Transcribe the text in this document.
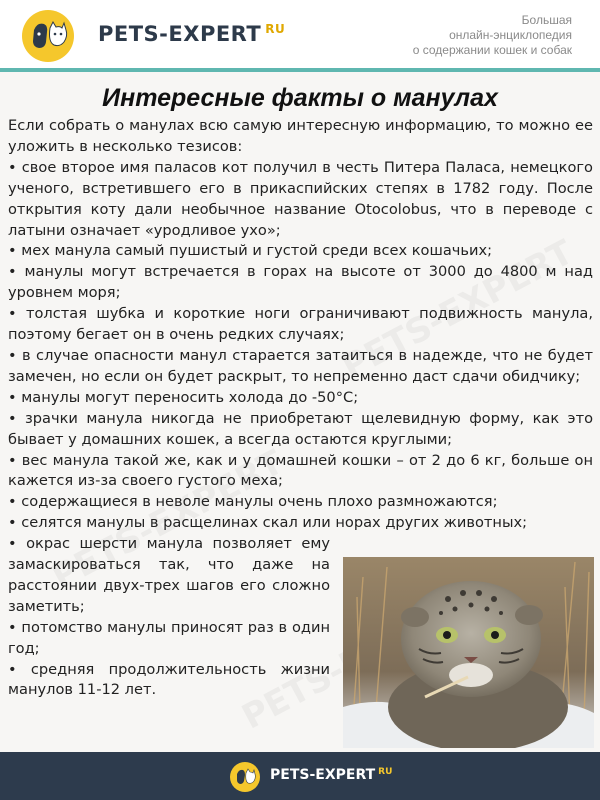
PETS-EXPERT $^{RU}$
Большая
онлайн-энциклопедия
о содержании кошек и собак
Интересные факты о манулах

Если собрать о манулах всю самую интересную информацию, то можно ее уложить в несколько тезисов:

• свое второе имя паласов кот получил в честь Питера Паласа, немецкого ученого, встретившего его в прикаспийских степях в 1782 году. После открытия коту дали необычное название Otocolobus, что в переводе с латыни означает «уродливое ухо»;

• мех манула самый пушистый и густой среди всех кошачьих;

• манулы могут встречается в горах на высоте от 3000 до 4800 м над уровнем моря;

• толстая шубка и короткие ноги ограничивают подвижность манула, поэтому бегает он в очень редких случаях;

• в случае опасности манул старается затаиться в надежде, что не будет замечен, но если он будет раскрыт, то непременно даст сдачи обидчику;

• манулы могут переносить холода до -50°С;

• зрачки манула никогда не приобретают щелевидную форму, как это бывает у домашних кошек, а всегда остаются круглыми;

• вес манула такой же, как и у домашней кошки – от 2 до 6 кг, больше он кажется из-за своего густого меха;

• содержащиеся в неволе манулы очень плохо размножаются;

• селятся манулы в расщелинах скал или норах других животных;

• окрас шерсти манула позволяет ему замаскироваться так, что даже на расстоянии двух-трех шагов его сложно заметить;

• потомство манулы приносят раз в один год;

• средняя продолжительность жизни манулов 11-12 лет.

PETS-EXPERT $^{RU}$
